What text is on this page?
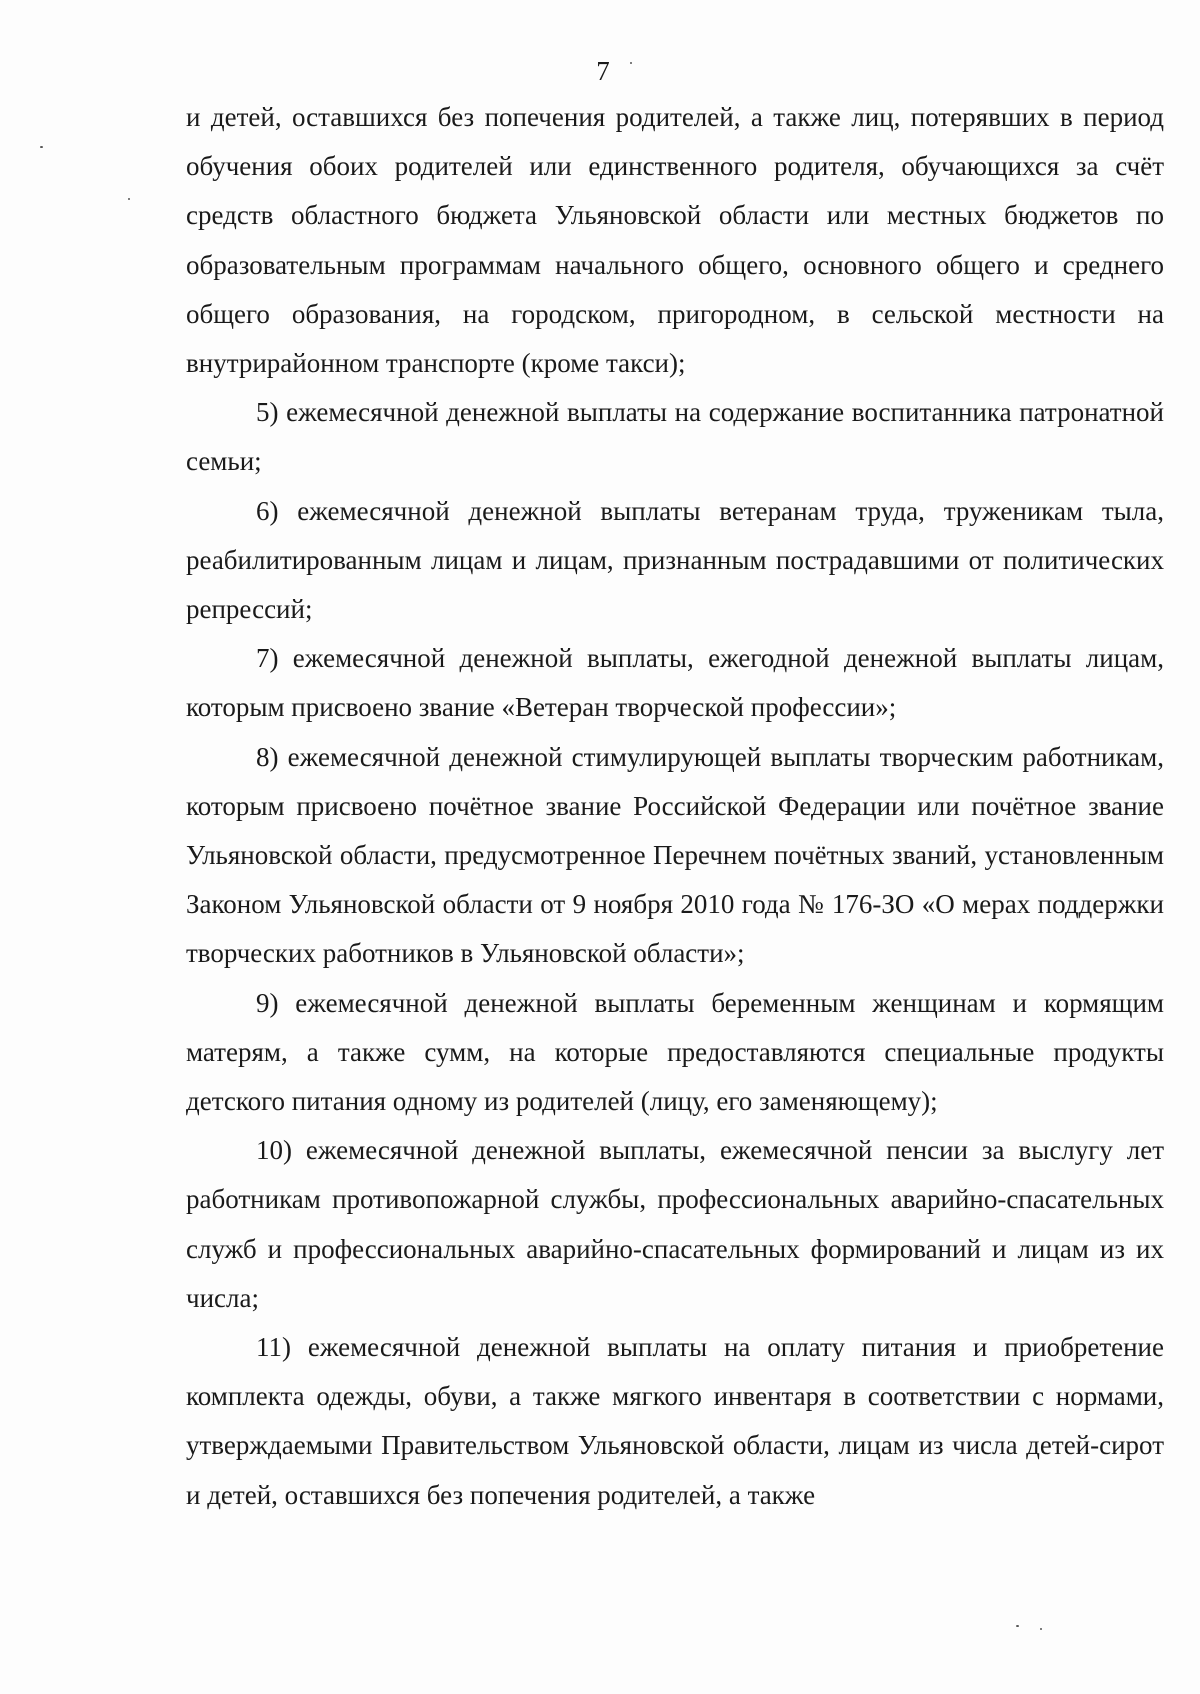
7

и детей, оставшихся без попечения родителей, а также лиц, потерявших в период обучения обоих родителей или единственного родителя, обучающихся за счёт средств областного бюджета Ульяновской области или местных бюджетов по образовательным программам начального общего, основного общего и среднего общего образования, на городском, пригородном, в сельской местности на внутрирайонном транспорте (кроме такси);

5) ежемесячной денежной выплаты на содержание воспитанника патронатной семьи;

6) ежемесячной денежной выплаты ветеранам труда, труженикам тыла, реабилитированным лицам и лицам, признанным пострадавшими от политических репрессий;

7) ежемесячной денежной выплаты, ежегодной денежной выплаты лицам, которым присвоено звание «Ветеран творческой профессии»;

8) ежемесячной денежной стимулирующей выплаты творческим работникам, которым присвоено почётное звание Российской Федерации или почётное звание Ульяновской области, предусмотренное Перечнем почётных званий, установленным Законом Ульяновской области от 9 ноября 2010 года № 176-ЗО «О мерах поддержки творческих работников в Ульяновской области»;

9) ежемесячной денежной выплаты беременным женщинам и кормящим матерям, а также сумм, на которые предоставляются специальные продукты детского питания одному из родителей (лицу, его заменяющему);

10) ежемесячной денежной выплаты, ежемесячной пенсии за выслугу лет работникам противопожарной службы, профессиональных аварийно-спасательных служб и профессиональных аварийно-спасательных формирований и лицам из их числа;

11) ежемесячной денежной выплаты на оплату питания и приобретение комплекта одежды, обуви, а также мягкого инвентаря в соответствии с нормами, утверждаемыми Правительством Ульяновской области, лицам из числа детей-сирот и детей, оставшихся без попечения родителей, а также
